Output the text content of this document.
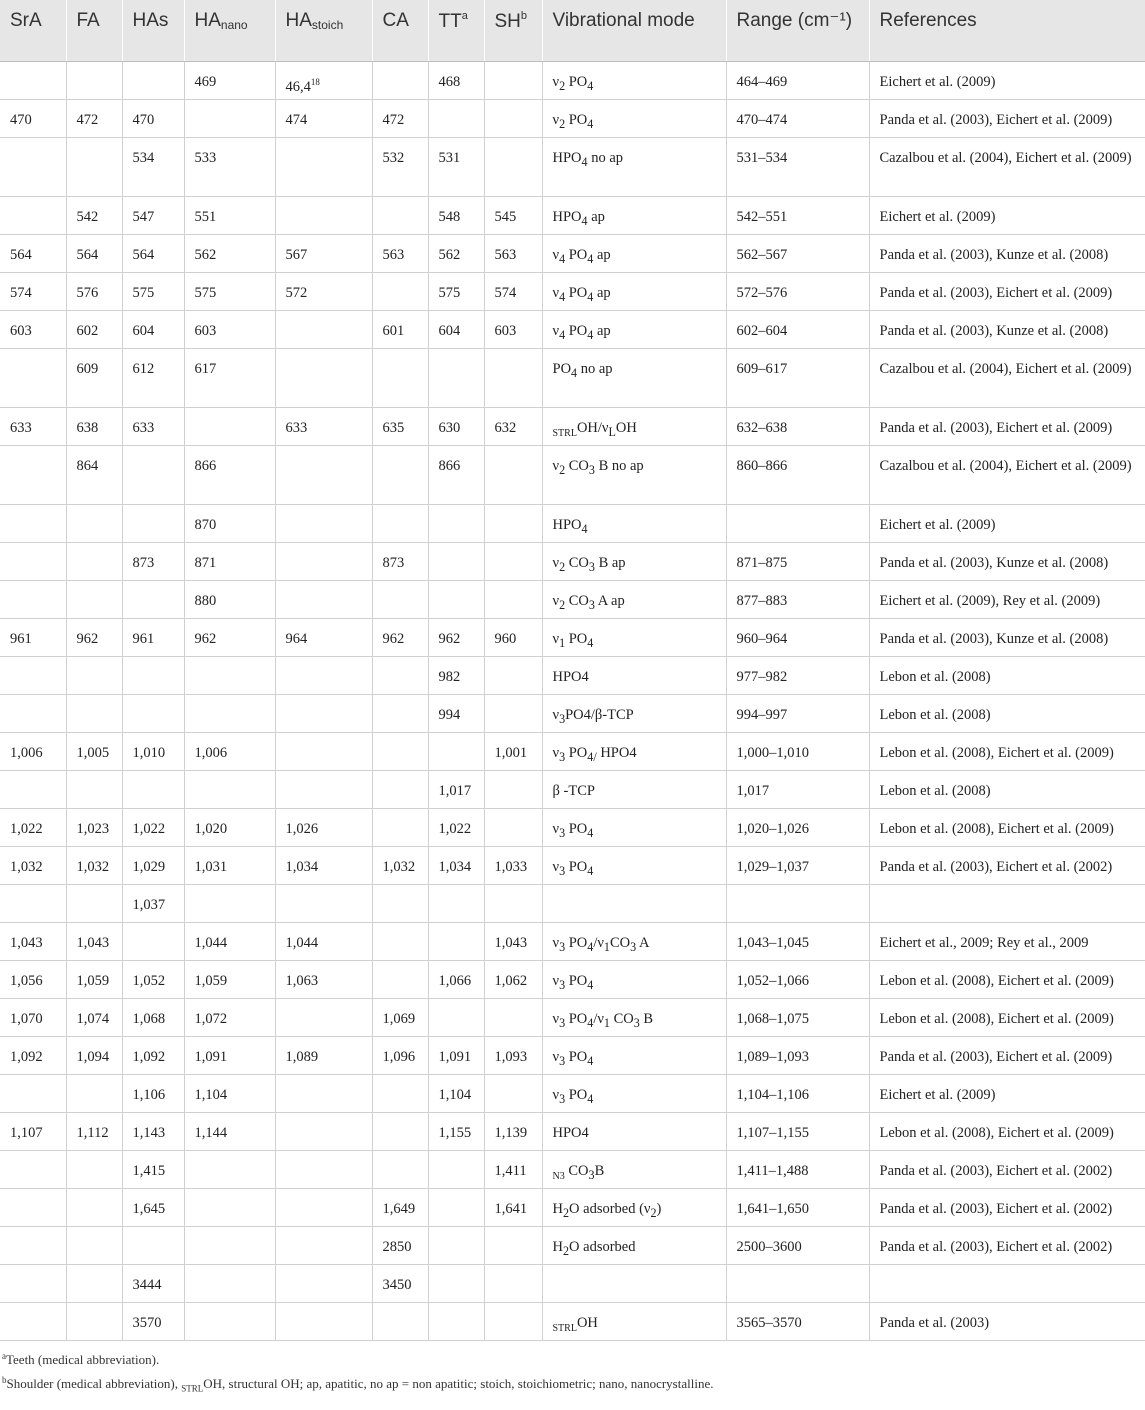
SrA	FA	HAs	$HA_{nano}$	$HA_{stoich}$	CA	$TT^a$	$SH^b$	Vibrational mode	Range (cm⁻¹)	References
			469	46,4$^{18}$		468		$\nu_2$ $PO_4$	464–469	Eichert et al. (2009)
470	472	470		474	472			$\nu_2$ $PO_4$	470–474	Panda et al. (2003), Eichert et al. (2009)
		534	533		532	531		$HPO_4$ no ap	531–534	Cazalbou et al. (2004), Eichert et al. (2009)
	542	547	551			548	545	$HPO_4$ ap	542–551	Eichert et al. (2009)
564	564	564	562	567	563	562	563	$\nu_4$ $PO_4$ ap	562–567	Panda et al. (2003), Kunze et al. (2008)
574	576	575	575	572		575	574	$\nu_4$ $PO_4$ ap	572–576	Panda et al. (2003), Eichert et al. (2009)
603	602	604	603		601	604	603	$\nu_4$ $PO_4$ ap	602–604	Panda et al. (2003), Kunze et al. (2008)
	609	612	617					$PO_4$ no ap	609–617	Cazalbou et al. (2004), Eichert et al. (2009)
633	638	633		633	635	630	632	$_{STRL}OH/\nu_LOH$	632–638	Panda et al. (2003), Eichert et al. (2009)
	864		866			866		$\nu_2$ $CO_3$ B no ap	860–866	Cazalbou et al. (2004), Eichert et al. (2009)
			870					$HPO_4$		Eichert et al. (2009)
		873	871		873			$\nu_2$ $CO_3$ B ap	871–875	Panda et al. (2003), Kunze et al. (2008)
			880					$\nu_2$ $CO_3$ A ap	877–883	Eichert et al. (2009), Rey et al. (2009)
961	962	961	962	964	962	962	960	$\nu_1$ $PO_4$	960–964	Panda et al. (2003), Kunze et al. (2008)
						982		HPO4	977–982	Lebon et al. (2008)
						994		$\nu_3PO4/\beta$-TCP	994–997	Lebon et al. (2008)
1,006	1,005	1,010	1,006				1,001	$\nu_3$ $PO_{4/}$ HPO4	1,000–1,010	Lebon et al. (2008), Eichert et al. (2009)
						1,017		β -TCP	1,017	Lebon et al. (2008)
1,022	1,023	1,022	1,020	1,026		1,022		$\nu_3$ $PO_4$	1,020–1,026	Lebon et al. (2008), Eichert et al. (2009)
1,032	1,032	1,029	1,031	1,034	1,032	1,034	1,033	$\nu_3$ $PO_4$	1,029–1,037	Panda et al. (2003), Eichert et al. (2002)
		1,037								
1,043	1,043		1,044	1,044			1,043	$\nu_3$ $PO_4/\nu_1CO_3$ A	1,043–1,045	Eichert et al., 2009; Rey et al., 2009
1,056	1,059	1,052	1,059	1,063		1,066	1,062	$\nu_3$ $PO_4$	1,052–1,066	Lebon et al. (2008), Eichert et al. (2009)
1,070	1,074	1,068	1,072		1,069			$\nu_3$ $PO_4/\nu_1$ $CO_3$ B	1,068–1,075	Lebon et al. (2008), Eichert et al. (2009)
1,092	1,094	1,092	1,091	1,089	1,096	1,091	1,093	$\nu_3$ $PO_4$	1,089–1,093	Panda et al. (2003), Eichert et al. (2009)
		1,106	1,104			1,104		$\nu_3$ $PO_4$	1,104–1,106	Eichert et al. (2009)
1,107	1,112	1,143	1,144			1,155	1,139	HPO4	1,107–1,155	Lebon et al. (2008), Eichert et al. (2009)
		1,415					1,411	$_{N3}$ $CO_3B$	1,411–1,488	Panda et al. (2003), Eichert et al. (2002)
		1,645			1,649		1,641	$H_2O$ adsorbed $(\nu_2)$	1,641–1,650	Panda et al. (2003), Eichert et al. (2002)
					2850			$H_2O$ adsorbed	2500–3600	Panda et al. (2003), Eichert et al. (2002)
		3444			3450					
		3570						$_{STRL}$OH	3565–3570	Panda et al. (2003)
$^a$Teeth (medical abbreviation).
$^b$Shoulder (medical abbreviation), $_{STRL}$OH, structural OH; ap, apatitic, no ap = non apatitic; stoich, stoichiometric; nano, nanocrystalline.
